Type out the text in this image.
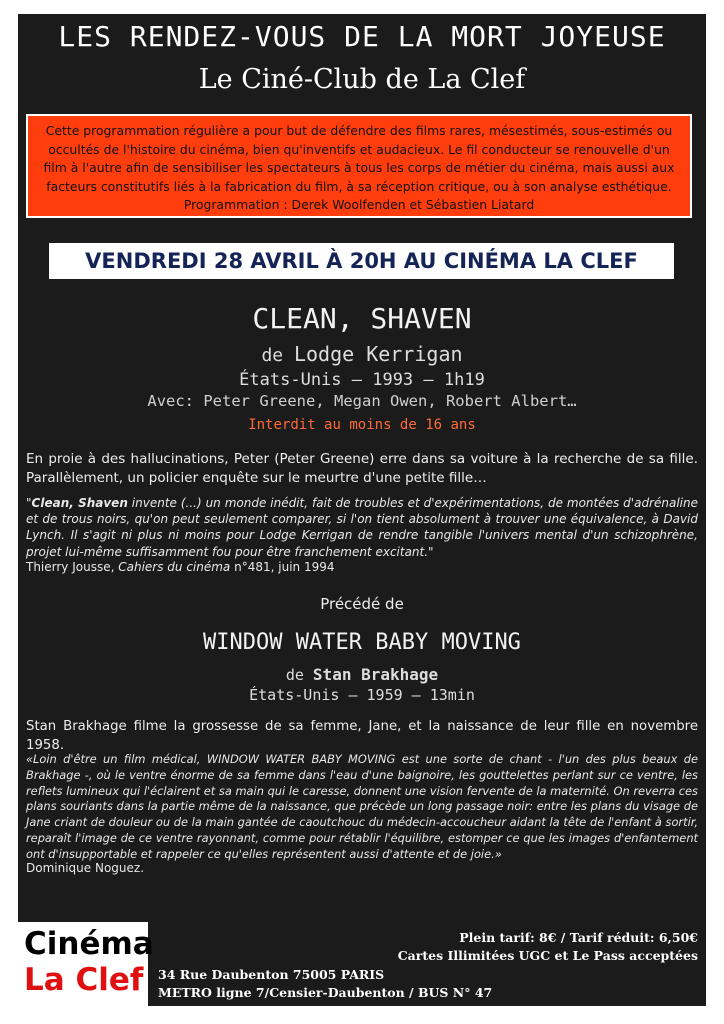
LES RENDEZ-VOUS DE LA MORT JOYEUSE
Le Ciné-Club de La Clef

Cette programmation régulière a pour but de défendre des films rares, mésestimés, sous-estimés ou occultés de l'histoire du cinéma, bien qu'inventifs et audacieux. Le fil conducteur se renouvelle d'un film à l'autre afin de sensibiliser les spectateurs à tous les corps de métier du cinéma, mais aussi aux facteurs constitutifs liés à la fabrication du film, à sa réception critique, ou à son analyse esthétique.

Programmation : Derek Woolfenden et Sébastien Liatard

VENDREDI 28 AVRIL À 20H AU CINÉMA LA CLEF
CLEAN, SHAVEN
de Lodge Kerrigan
États-Unis – 1993 – 1h19
Avec: Peter Greene, Megan Owen, Robert Albert…
Interdit au moins de 16 ans
En proie à des hallucinations, Peter (Peter Greene) erre dans sa voiture à la recherche de sa fille. Parallèlement, un policier enquête sur le meurtre d'une petite fille…
"Clean, Shaven invente (...) un monde inédit, fait de troubles et d'expérimentations, de montées d'adrénaline et de trous noirs, qu'on peut seulement comparer, si l'on tient absolument à trouver une équivalence, à David Lynch. Il s'agit ni plus ni moins pour Lodge Kerrigan de rendre tangible l'univers mental d'un schizophrène, projet lui-même suffisamment fou pour être franchement excitant."
Thierry Jousse, Cahiers du cinéma n°481, juin 1994
Précédé de
WINDOW WATER BABY MOVING
de Stan Brakhage
États-Unis – 1959 – 13min
Stan Brakhage filme la grossesse de sa femme, Jane, et la naissance de leur fille en novembre 1958.
«Loin d'être un film médical, WINDOW WATER BABY MOVING est une sorte de chant - l'un des plus beaux de Brakhage -, où le ventre énorme de sa femme dans l'eau d'une baignoire, les gouttelettes perlant sur ce ventre, les reflets lumineux qui l'éclairent et sa main qui le caresse, donnent une vision fervente de la maternité. On reverra ces plans souriants dans la partie même de la naissance, que précède un long passage noir: entre les plans du visage de Jane criant de douleur ou de la main gantée de caoutchouc du médecin-accoucheur aidant la tête de l'enfant à sortir, reparaît l'image de ce ventre rayonnant, comme pour rétablir l'équilibre, estomper ce que les images d'enfantement ont d'insupportable et rappeler ce qu'elles représentent aussi d'attente et de joie.»
Dominique Noguez.
Cinéma
La Clef
Plein tarif: 8€ / Tarif réduit: 6,50€
Cartes Illimitées UGC et Le Pass acceptées
34 Rue Daubenton 75005 PARIS
METRO ligne 7/Censier-Daubenton / BUS N° 47
